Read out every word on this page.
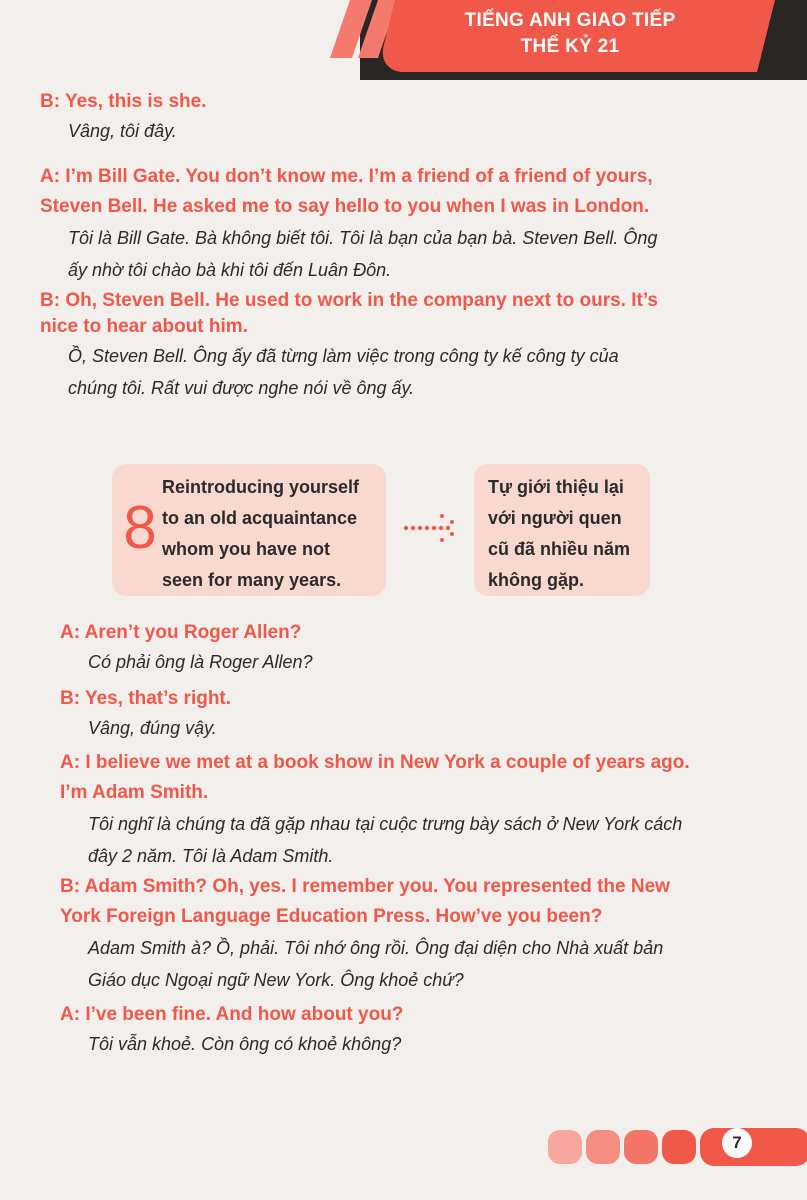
TIẾNG ANH GIAO TIẾP
THẾ KỶ 21

B: Yes, this is she.

Vâng, tôi đây.

A: I’m Bill Gate. You don’t know me. I’m a friend of a friend of yours,
Steven Bell. He asked me to say hello to you when I was in London.

Tôi là Bill Gate. Bà không biết tôi. Tôi là bạn của bạn bà. Steven Bell. Ông
ấy nhờ tôi chào bà khi tôi đến Luân Đôn.

B: Oh, Steven Bell. He used to work in the company next to ours. It’s
nice to hear about him.

Ồ, Steven Bell. Ông ấy đã từng làm việc trong công ty kế công ty của
chúng tôi. Rất vui được nghe nói về ông ấy.

8

Reintroducing yourself
to an old acquaintance
whom you have not
seen for many years.

Tự giới thiệu lại
với người quen
cũ đã nhiều năm
không gặp.

A: Aren’t you Roger Allen?

Có phải ông là Roger Allen?

B: Yes, that’s right.

Vâng, đúng vậy.

A: I believe we met at a book show in New York a couple of years ago.
I’m Adam Smith.

Tôi nghĩ là chúng ta đã gặp nhau tại cuộc trưng bày sách ở New York cách
đây 2 năm. Tôi là Adam Smith.

B: Adam Smith? Oh, yes. I remember you. You represented the New
York Foreign Language Education Press. How’ve you been?

Adam Smith à? Ồ, phải. Tôi nhớ ông rồi. Ông đại diện cho Nhà xuất bản
Giáo dục Ngoại ngữ New York. Ông khoẻ chứ?

A: I’ve been fine. And how about you?

Tôi vẫn khoẻ. Còn ông có khoẻ không?

7
